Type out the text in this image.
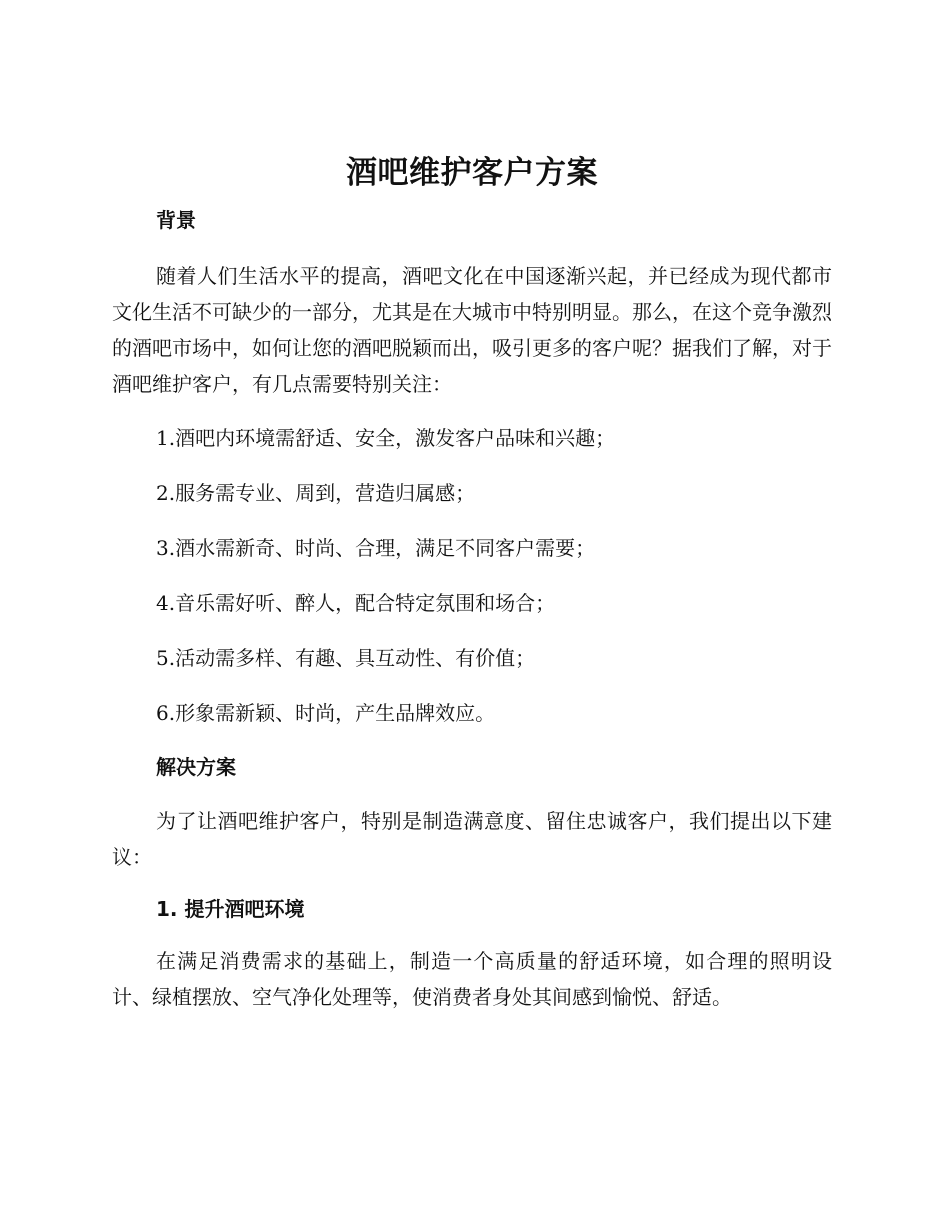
酒吧维护客户方案
背景

随着人们生活水平的提高，酒吧文化在中国逐渐兴起，并已经成为现代都市文化生活不可缺少的一部分，尤其是在大城市中特别明显。那么，在这个竞争激烈的酒吧市场中，如何让您的酒吧脱颖而出，吸引更多的客户呢？据我们了解，对于酒吧维护客户，有几点需要特别关注：

1.酒吧内环境需舒适、安全，激发客户品味和兴趣；

2.服务需专业、周到，营造归属感；

3.酒水需新奇、时尚、合理，满足不同客户需要；

4.音乐需好听、醉人，配合特定氛围和场合；

5.活动需多样、有趣、具互动性、有价值；

6.形象需新颖、时尚，产生品牌效应。

解决方案

为了让酒吧维护客户，特别是制造满意度、留住忠诚客户，我们提出以下建议：

1. 提升酒吧环境

在满足消费需求的基础上，制造一个高质量的舒适环境，如合理的照明设计、绿植摆放、空气净化处理等，使消费者身处其间感到愉悦、舒适。
